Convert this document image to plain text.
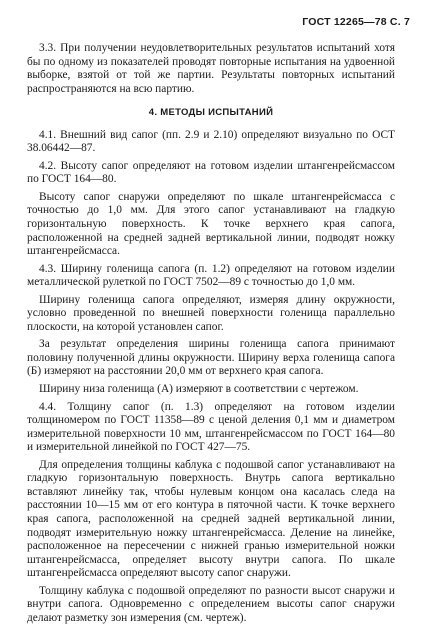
ГОСТ 12265—78 С. 7

3.3. При получении неудовлетворительных результатов испытаний хотя бы по одному из показателей проводят повторные испытания на удвоенной выборке, взятой от той же партии. Результаты повторных испытаний распространяются на всю партию.

4. МЕТОДЫ ИСПЫТАНИЙ

4.1. Внешний вид сапог (пп. 2.9 и 2.10) определяют визуально по ОСТ 38.06442—87.

4.2. Высоту сапог определяют на готовом изделии штангенрейсмассом по ГОСТ 164—80.

Высоту сапог снаружи определяют по шкале штангенрейсмасса с точностью до 1,0 мм. Для этого сапог устанавливают на гладкую горизонтальную поверхность. К точке верхнего края сапога, расположенной на средней задней вертикальной линии, подводят ножку штангенрейсмасса.

4.3. Ширину голенища сапога (п. 1.2) определяют на готовом изделии металлической рулеткой по ГОСТ 7502—89 с точностью до 1,0 мм.

Ширину голенища сапога определяют, измеряя длину окружности, условно проведенной по внешней поверхности голенища параллельно плоскости, на которой установлен сапог.

За результат определения ширины голенища сапога принимают половину полученной длины окружности. Ширину верха голенища сапога (Б) измеряют на расстоянии 20,0 мм от верхнего края сапога.

Ширину низа голенища (А) измеряют в соответствии с чертежом.

4.4. Толщину сапог (п. 1.3) определяют на готовом изделии толщиномером по ГОСТ 11358—89 с ценой деления 0,1 мм и диаметром измерительной поверхности 10 мм, штангенрейсмассом по ГОСТ 164—80 и измерительной линейкой по ГОСТ 427—75.

Для определения толщины каблука с подошвой сапог устанавливают на гладкую горизонтальную поверхность. Внутрь сапога вертикально вставляют линейку так, чтобы нулевым концом она касалась следа на расстоянии 10—15 мм от его контура в пяточной части. К точке верхнего края сапога, расположенной на средней задней вертикальной линии, подводят измерительную ножку штангенрейсмасса. Деление на линейке, расположенное на пересечении с нижней гранью измерительной ножки штангенрейсмасса, определяет высоту внутри сапога. По шкале штангенрейсмасса определяют высоту сапог снаружи.

Толщину каблука с подошвой определяют по разности высот снаружи и внутри сапога. Одновременно с определением высоты сапог снаружи делают разметку зон измерения (см. чертеж).
